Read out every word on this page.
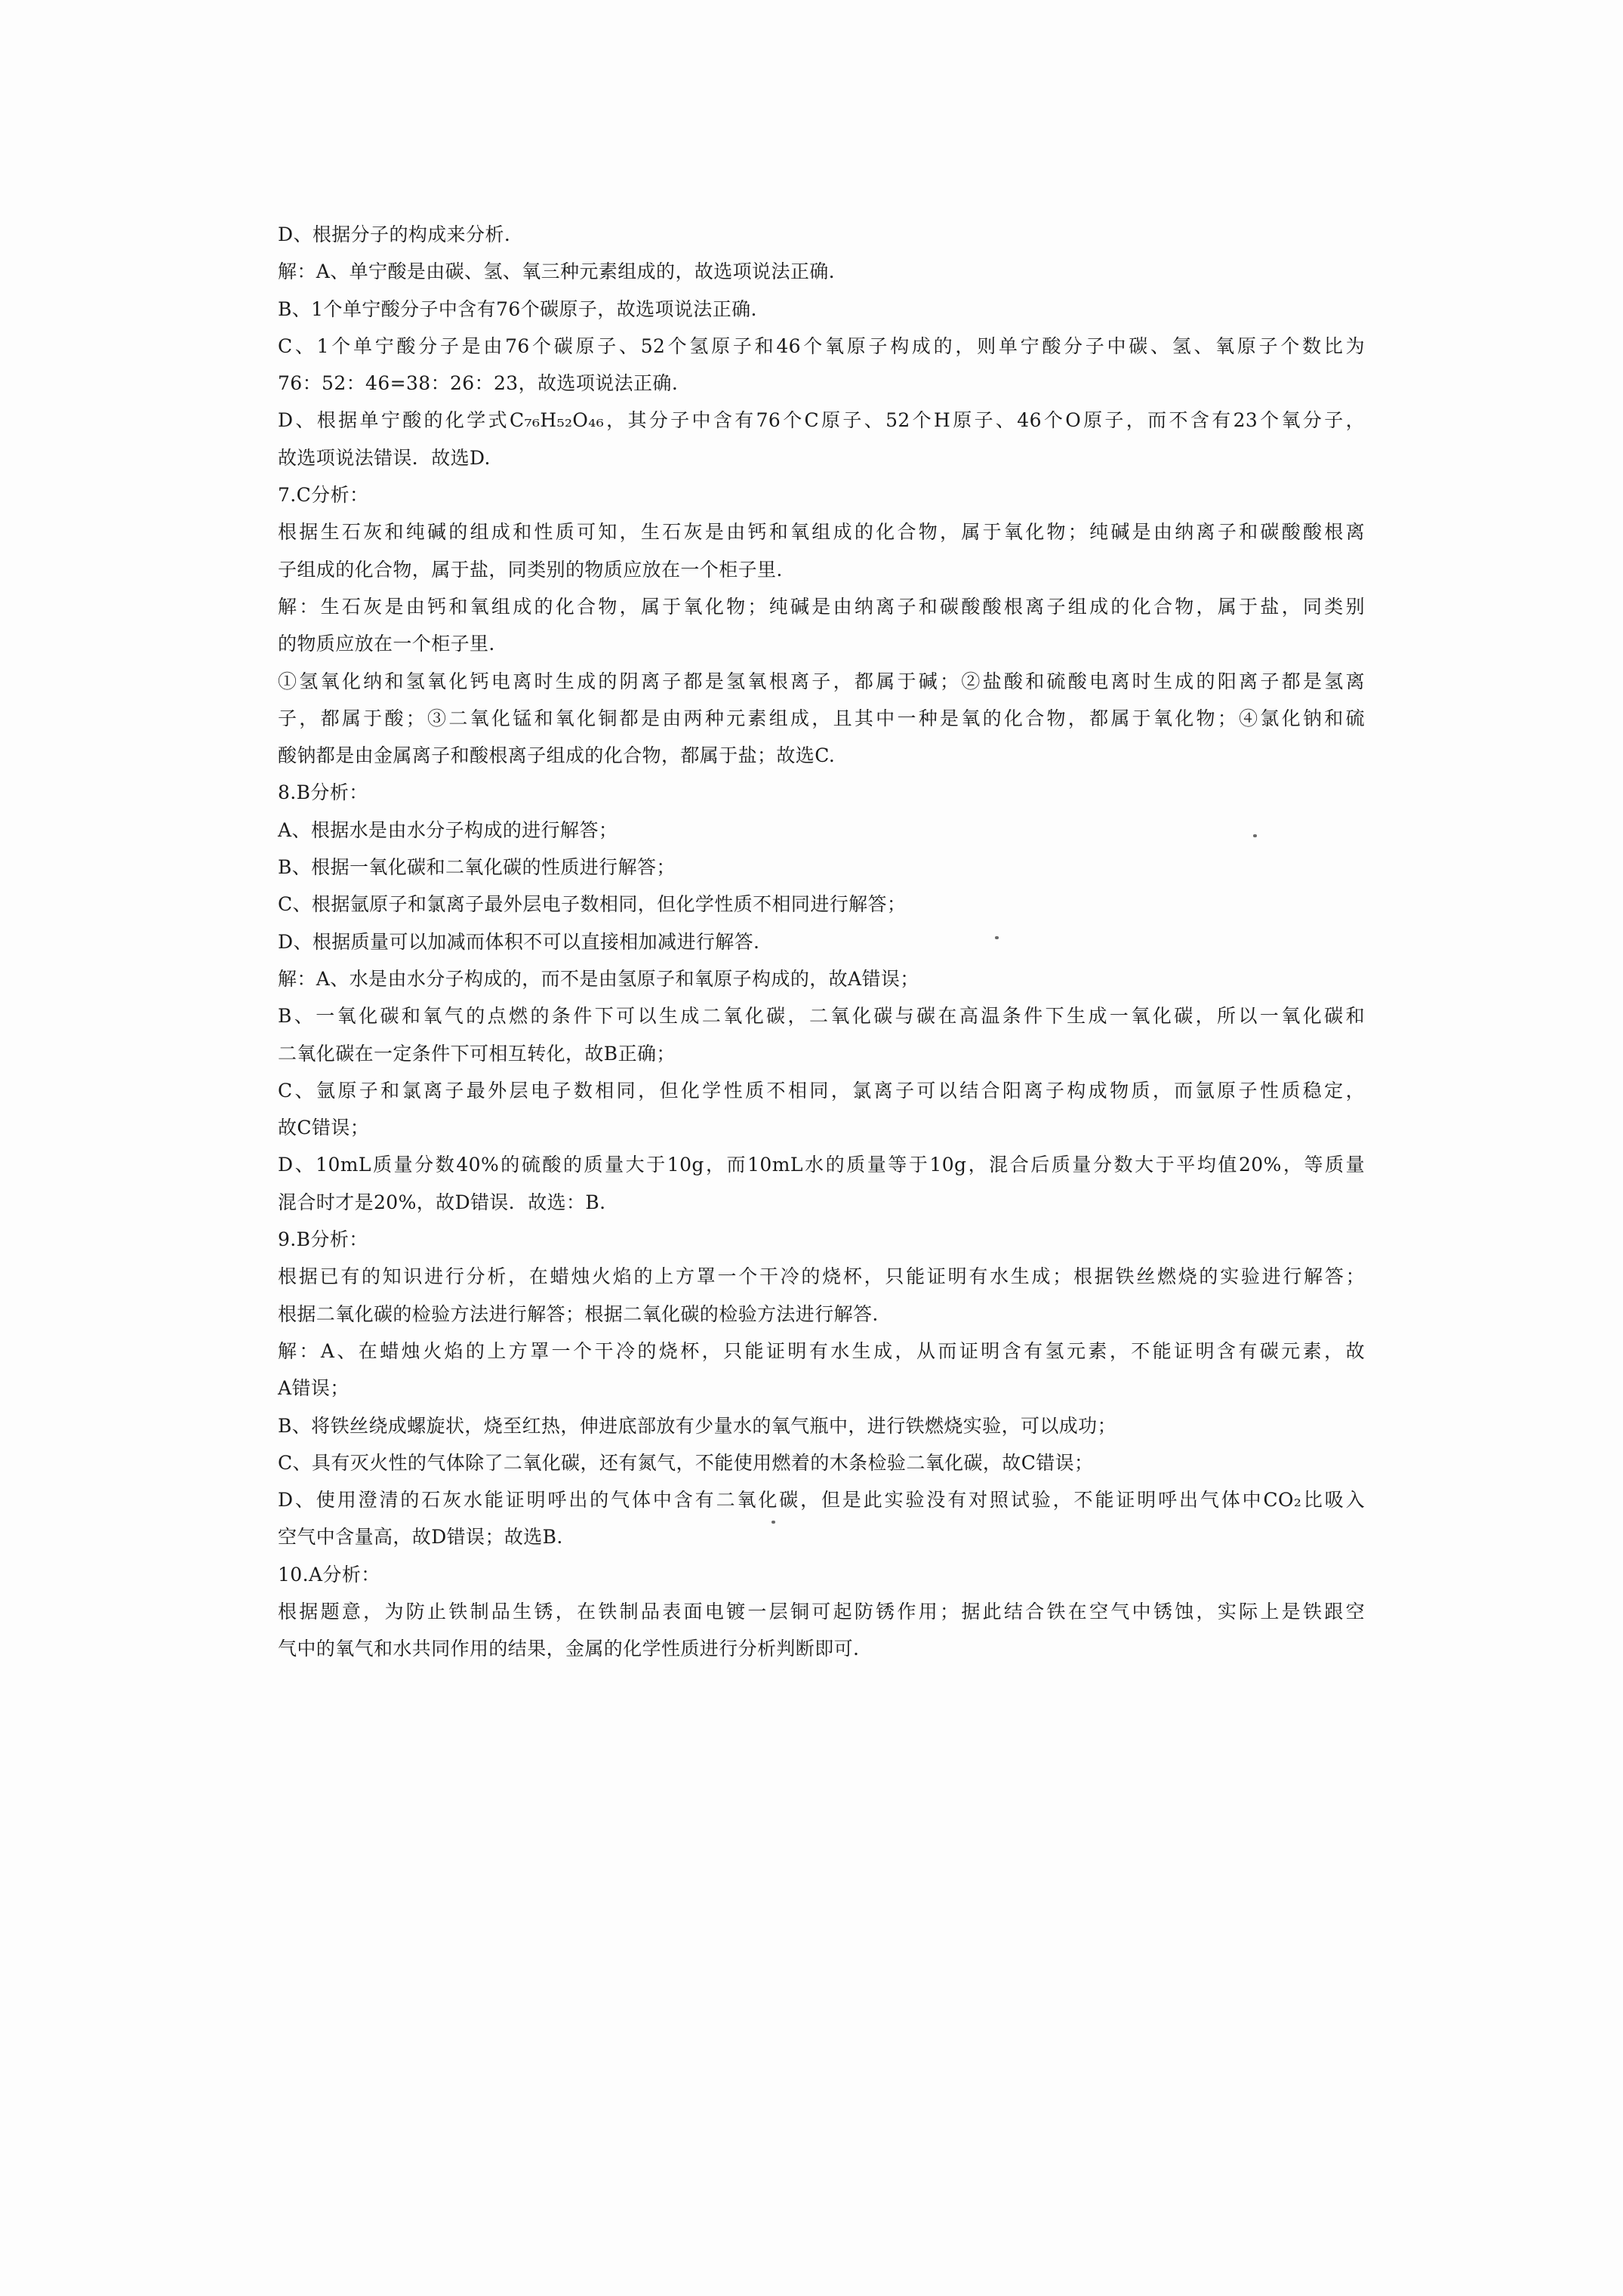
D、根据分子的构成来分析.
解：A、单宁酸是由碳、氢、氧三种元素组成的，故选项说法正确.
B、1个单宁酸分子中含有76个碳原子，故选项说法正确.
C、1个单宁酸分子是由76个碳原子、52个氢原子和46个氧原子构成的，则单宁酸分子中碳、氢、氧原子个数比为
76：52：46=38：26：23，故选项说法正确.
D、根据单宁酸的化学式C₇₆H₅₂O₄₆，其分子中含有76个C原子、52个H原子、46个O原子，而不含有23个氧分子，
故选项说法错误．故选D.
7.C分析：
根据生石灰和纯碱的组成和性质可知，生石灰是由钙和氧组成的化合物，属于氧化物；纯碱是由纳离子和碳酸酸根离
子组成的化合物，属于盐，同类别的物质应放在一个柜子里.
解：生石灰是由钙和氧组成的化合物，属于氧化物；纯碱是由纳离子和碳酸酸根离子组成的化合物，属于盐，同类别
的物质应放在一个柜子里.
①氢氧化纳和氢氧化钙电离时生成的阴离子都是氢氧根离子，都属于碱；②盐酸和硫酸电离时生成的阳离子都是氢离
子，都属于酸；③二氧化锰和氧化铜都是由两种元素组成，且其中一种是氧的化合物，都属于氧化物；④氯化钠和硫
酸钠都是由金属离子和酸根离子组成的化合物，都属于盐；故选C.
8.B分析：
A、根据水是由水分子构成的进行解答；
B、根据一氧化碳和二氧化碳的性质进行解答；
C、根据氩原子和氯离子最外层电子数相同，但化学性质不相同进行解答；
D、根据质量可以加减而体积不可以直接相加减进行解答.
解：A、水是由水分子构成的，而不是由氢原子和氧原子构成的，故A错误；
B、一氧化碳和氧气的点燃的条件下可以生成二氧化碳，二氧化碳与碳在高温条件下生成一氧化碳，所以一氧化碳和
二氧化碳在一定条件下可相互转化，故B正确；
C、氩原子和氯离子最外层电子数相同，但化学性质不相同，氯离子可以结合阳离子构成物质，而氩原子性质稳定，
故C错误；
D、10mL质量分数40%的硫酸的质量大于10g，而10mL水的质量等于10g，混合后质量分数大于平均值20%，等质量
混合时才是20%，故D错误．故选：B.
9.B分析：
根据已有的知识进行分析，在蜡烛火焰的上方罩一个干冷的烧杯，只能证明有水生成；根据铁丝燃烧的实验进行解答；
根据二氧化碳的检验方法进行解答；根据二氧化碳的检验方法进行解答.
解：A、在蜡烛火焰的上方罩一个干冷的烧杯，只能证明有水生成，从而证明含有氢元素，不能证明含有碳元素，故
A错误；
B、将铁丝绕成螺旋状，烧至红热，伸进底部放有少量水的氧气瓶中，进行铁燃烧实验，可以成功；
C、具有灭火性的气体除了二氧化碳，还有氮气，不能使用燃着的木条检验二氧化碳，故C错误；
D、使用澄清的石灰水能证明呼出的气体中含有二氧化碳，但是此实验没有对照试验，不能证明呼出气体中CO₂比吸入
空气中含量高，故D错误；故选B.
10.A分析：
根据题意，为防止铁制品生锈，在铁制品表面电镀一层铜可起防锈作用；据此结合铁在空气中锈蚀，实际上是铁跟空
气中的氧气和水共同作用的结果，金属的化学性质进行分析判断即可.
